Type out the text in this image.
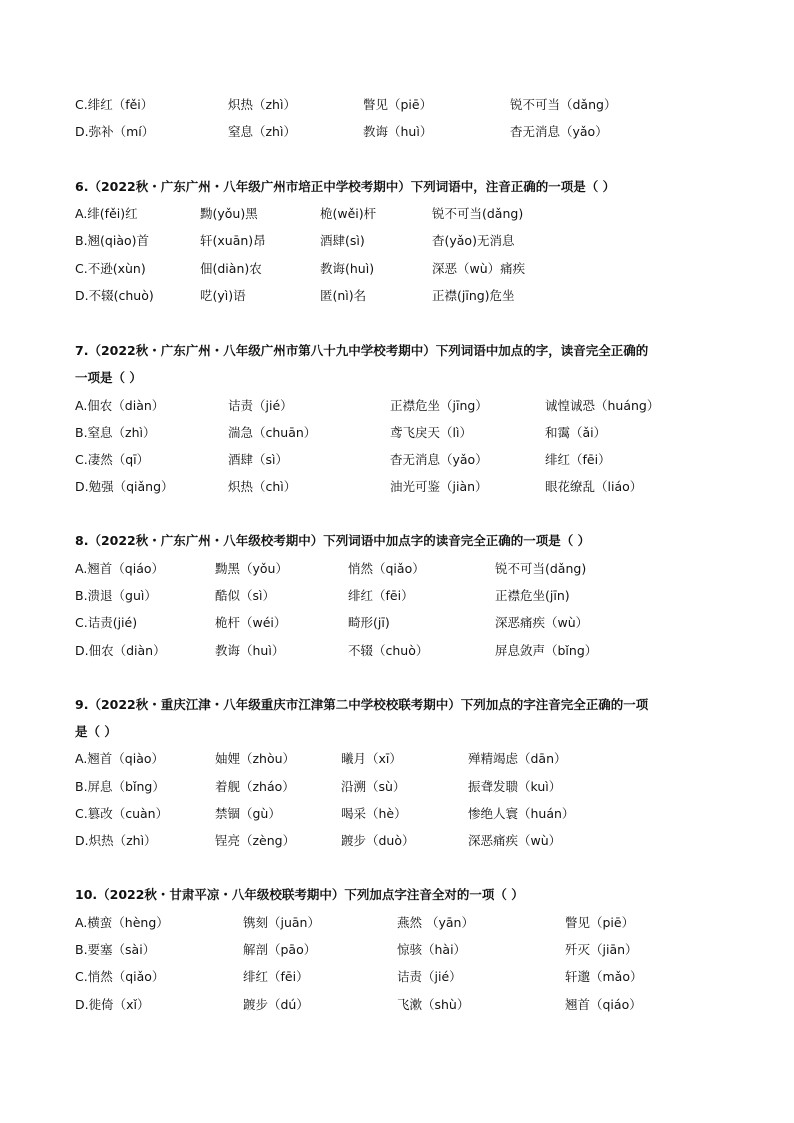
C.绯红（fěi）	炽热（zhì）	瞥见（piē）	锐不可当（dǎng）
D.弥补（mí）	窒息（zhì）	教诲（huì）	杳无消息（yǎo）
6.（2022秋・广东广州・八年级广州市培正中学校考期中）下列词语中，注音正确的一项是（ ）
A.绯(fěi)红	黝(yǒu)黑	桅(wěi)杆	锐不可当(dǎng)
B.翘(qiào)首	轩(xuān)昂	酒肆(sì)	杳(yǎo)无消息
C.不逊(xùn)	佃(diàn)农	教诲(huì)	深恶（wù）痛疾
D.不辍(chuò)	呓(yì)语	匿(nì)名	正襟(jīng)危坐
7.（2022秋・广东广州・八年级广州市第八十九中学校考期中）下列词语中加点的字，读音完全正确的
一项是（ ）
A.佃农（diàn）	诘责（jié）	正襟危坐（jīng）	诚惶诚恐（huáng）
B.窒息（zhì）	湍急（chuān）	鸢飞戾天（lì）	和霭（ǎi）
C.凄然（qī）	酒肆（sì）	杳无消息（yǎo）	绯红（fēi）
D.勉强（qiǎng）	炽热（chì）	油光可鉴（jiàn）	眼花缭乱（liáo）
8.（2022秋・广东广州・八年级校考期中）下列词语中加点字的读音完全正确的一项是（ ）
A.翘首（qiáo）	黝黑（yǒu）	悄然（qiǎo）	锐不可当(dǎng)
B.溃退（guì）	酷似（sì）	绯红（fēi）	正襟危坐(jīn)
C.诘责(jié)	桅杆（wéi）	畸形(jī)	深恶痛疾（wù）
D.佃农（diàn）	教诲（huì）	不辍（chuò）	屏息敛声（bǐng）
9.（2022秋・重庆江津・八年级重庆市江津第二中学校校联考期中）下列加点的字注音完全正确的一项
是（ ）
A.翘首（qiào）	妯娌（zhòu）	曦月（xī）	殚精竭虑（dān）
B.屏息（bǐng）	着舰（zháo）	沿溯（sù）	振聋发聩（kuì）
C.篡改（cuàn）	禁锢（gù）	喝采（hè）	惨绝人寰（huán）
D.炽热（zhì）	锃亮（zèng）	踱步（duò）	深恶痛疾（wù）
10.（2022秋・甘肃平凉・八年级校联考期中）下列加点字注音全对的一项（ ）
A.横蛮（hèng）	镌刻（juān）	燕然 （yān）	瞥见（piē）
B.要塞（sài）	解剖（pāo）	惊骇（hài）	歼灭（jiān）
C.悄然（qiǎo）	绯红（fēi）	诘责（jié）	轩邈（mǎo）
D.徙倚（xǐ）	踱步（dú）	飞漱（shù）	翘首（qiáo）
